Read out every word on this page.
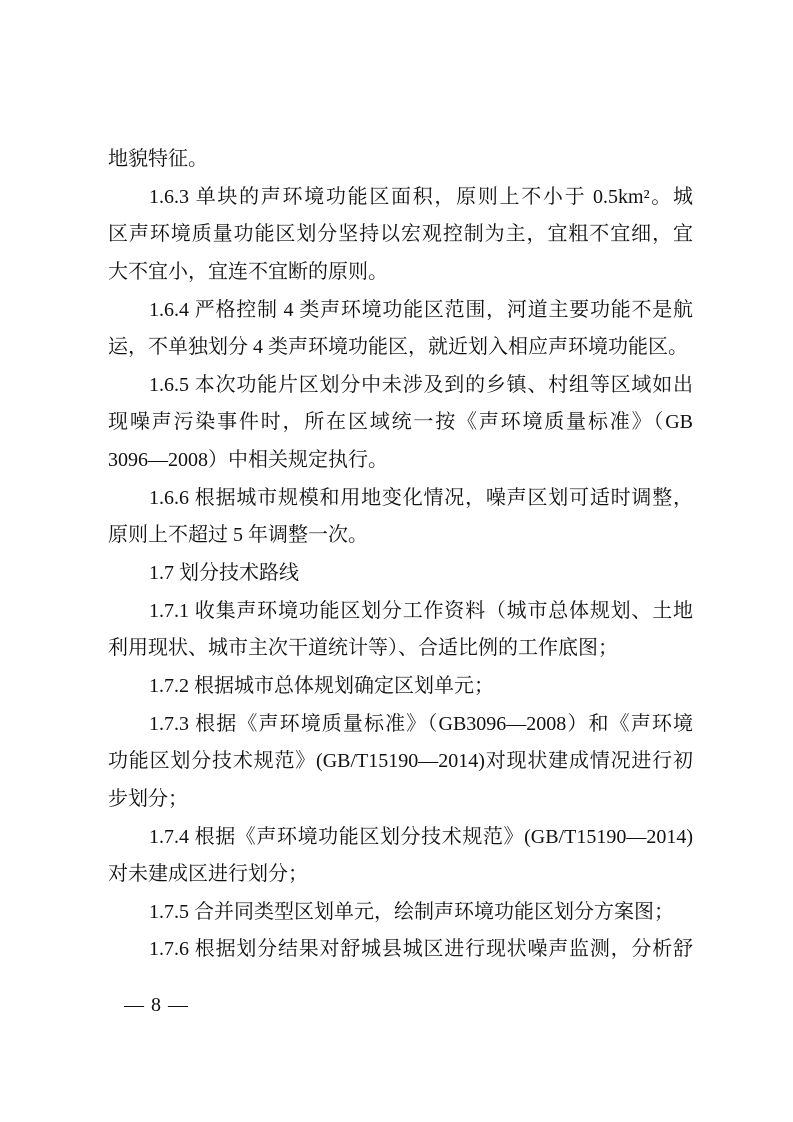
地貌特征。
1.6.3 单块的声环境功能区面积，原则上不小于 0.5km²。城
区声环境质量功能区划分坚持以宏观控制为主，宜粗不宜细，宜
大不宜小，宜连不宜断的原则。
1.6.4 严格控制 4 类声环境功能区范围，河道主要功能不是航
运，不单独划分 4 类声环境功能区，就近划入相应声环境功能区。
1.6.5 本次功能片区划分中未涉及到的乡镇、村组等区域如出
现噪声污染事件时，所在区域统一按《声环境质量标准》（GB
3096—2008）中相关规定执行。
1.6.6 根据城市规模和用地变化情况，噪声区划可适时调整，
原则上不超过 5 年调整一次。
1.7 划分技术路线
1.7.1 收集声环境功能区划分工作资料（城市总体规划、土地
利用现状、城市主次干道统计等）、合适比例的工作底图；
1.7.2 根据城市总体规划确定区划单元；
1.7.3 根据《声环境质量标准》（GB3096—2008）和《声环境
功能区划分技术规范》(GB/T15190—2014)对现状建成情况进行初
步划分；
1.7.4 根据《声环境功能区划分技术规范》(GB/T15190—2014)
对未建成区进行划分；
1.7.5 合并同类型区划单元，绘制声环境功能区划分方案图；
1.7.6 根据划分结果对舒城县城区进行现状噪声监测，分析舒
— 8 —
